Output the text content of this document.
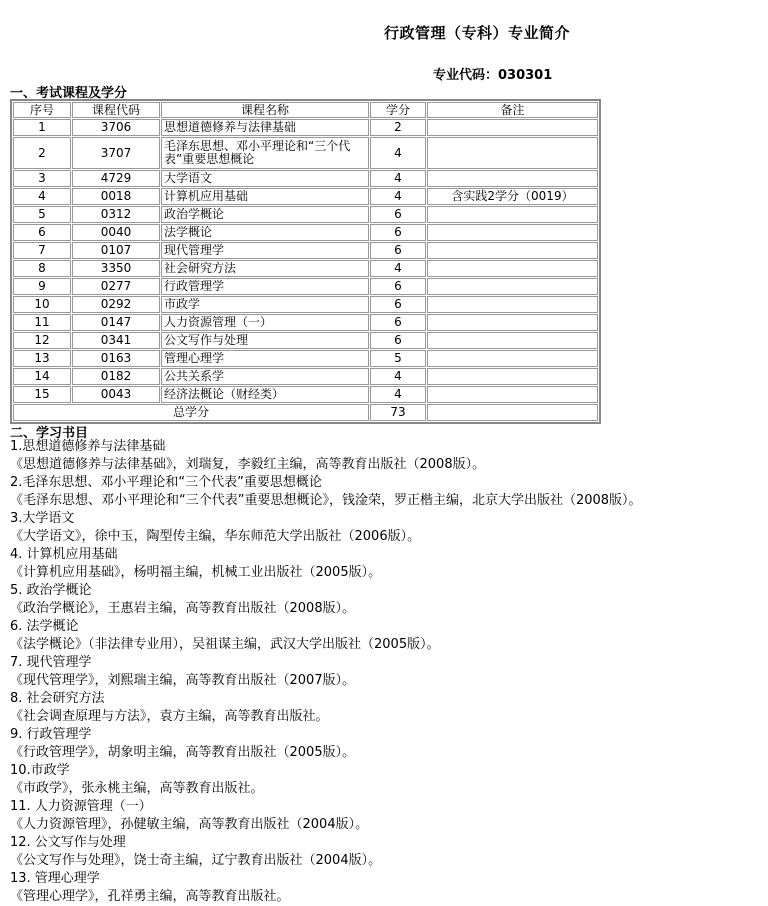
行政管理（专科）专业简介
专业代码：030301
一、考试课程及学分
序号	课程代码	课程名称	学分	备注
1	3706	思想道德修养与法律基础	2	
2	3707	毛泽东思想、邓小平理论和“三个代表”重要思想概论	4	
3	4729	大学语文	4	
4	0018	计算机应用基础	4	含实践2学分（0019）
5	0312	政治学概论	6	
6	0040	法学概论	6	
7	0107	现代管理学	6	
8	3350	社会研究方法	4	
9	0277	行政管理学	6	
10	0292	市政学	6	
11	0147	人力资源管理（一）	6	
12	0341	公文写作与处理	6	
13	0163	管理心理学	5	
14	0182	公共关系学	4	
15	0043	经济法概论（财经类）	4	
总学分			73	
二、学习书目
1.思想道德修养与法律基础
《思想道德修养与法律基础》，刘瑞复，李毅红主编，高等教育出版社（2008版）。
2.毛泽东思想、邓小平理论和“三个代表”重要思想概论
《毛泽东思想、邓小平理论和“三个代表”重要思想概论》，钱淦荣，罗正楷主编，北京大学出版社（2008版）。
3.大学语文
《大学语文》，徐中玉，陶型传主编，华东师范大学出版社（2006版）。
4. 计算机应用基础
《计算机应用基础》，杨明福主编，机械工业出版社（2005版）。
5. 政治学概论
《政治学概论》，王惠岩主编，高等教育出版社（2008版）。
6. 法学概论
《法学概论》（非法律专业用），吴祖谋主编，武汉大学出版社（2005版）。
7. 现代管理学
《现代管理学》，刘熙瑞主编，高等教育出版社（2007版）。
8. 社会研究方法
《社会调查原理与方法》，袁方主编，高等教育出版社。
9. 行政管理学
《行政管理学》，胡象明主编，高等教育出版社（2005版）。
10.市政学
《市政学》，张永桃主编，高等教育出版社。
11. 人力资源管理（一）
《人力资源管理》，孙健敏主编，高等教育出版社（2004版）。
12. 公文写作与处理
《公文写作与处理》，饶士奇主编，辽宁教育出版社（2004版）。
13. 管理心理学
《管理心理学》，孔祥勇主编，高等教育出版社。
